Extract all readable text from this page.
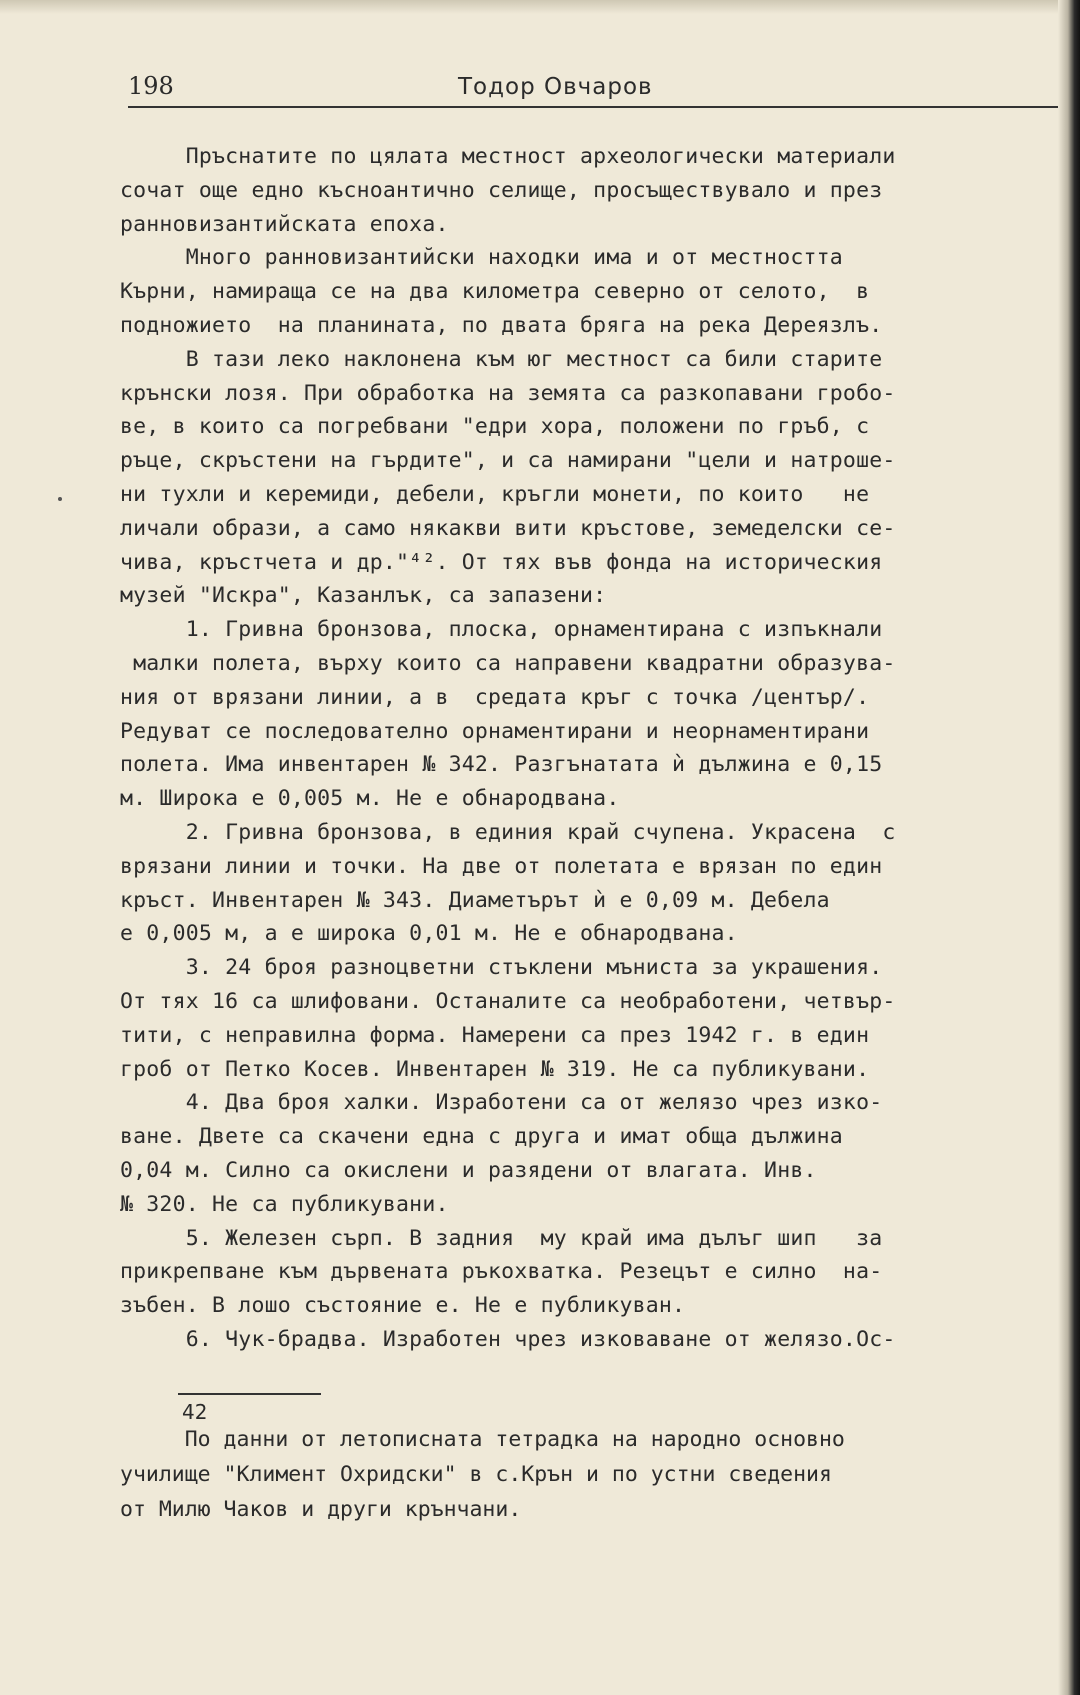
198	Тодор Овчаров
Пръснатите по цялата местност археологически материали
сочат още едно къснoантично селище, просъществувало и през
ранновизантийската епоха.
Много ранновизантийски находки има и от местността
Кърни, намираща се на два километра северно от селото,  в
подножието  на планината, по двата бряга на река Дереязлъ.
В тази леко наклонена към юг местност са били старите
крънски лозя. При обработка на земята са разкопавани гробо-
ве, в които са погребвани "едри хора, положени по гръб, с
ръце, скръстени на гърдите", и са намирани "цели и натроше-
ни тухли и керемиди, дебели, кръгли монети, по които   не
личали образи, а само някакви вити кръстове, земеделски се-
чива, кръстчета и др."⁴². От тях във фонда на историческия
музей "Искра", Казанлък, са запазени:
1. Гривна бронзова, плоска, орнаментирана с изпъкнали
малки полета, върху които са направени квадратни образува-
ния от врязани линии, а в  средата кръг с точка /център/.
Редуват се последователно орнаментирани и неорнаментирани
полета. Има инвентарен № 342. Разгънатата ѝ дължина е 0,15
м. Широка е 0,005 м. Не е обнародвана.
2. Гривна бронзова, в единия край счупена. Украсена  с
врязани линии и точки. На две от полетата е врязан по един
кръст. Инвентарен № 343. Диаметърът ѝ е 0,09 м. Дебела
е 0,005 м, а е широка 0,01 м. Не е обнародвана.
3. 24 броя разноцветни стъклени мъниста за украшения.
От тях 16 са шлифовани. Останалите са необработени, четвър-
тити, с неправилна форма. Намерени са през 1942 г. в един
гроб от Петко Косев. Инвентарен № 319. Не са публикувани.
4. Два броя халки. Изработени са от желязо чрез изко-
ване. Двете са скачени една с друга и имат обща дължина
0,04 м. Силно са окислени и разядени от влагата. Инв.
№ 320. Не са публикувани.
5. Железен сърп. В задния  му край има дълъг шип   за
прикрепване към дървената ръкохватка. Резецът е силно  на-
зъбен. В лошо състояние е. Не е публикуван.
6. Чук-брадва. Изработен чрез изковаване от желязо.Ос-
42
По данни от летописната тетрадка на народно основно
училище "Климент Охридски" в с.Крън и по устни сведения
от Милю Чаков и други крънчани.
